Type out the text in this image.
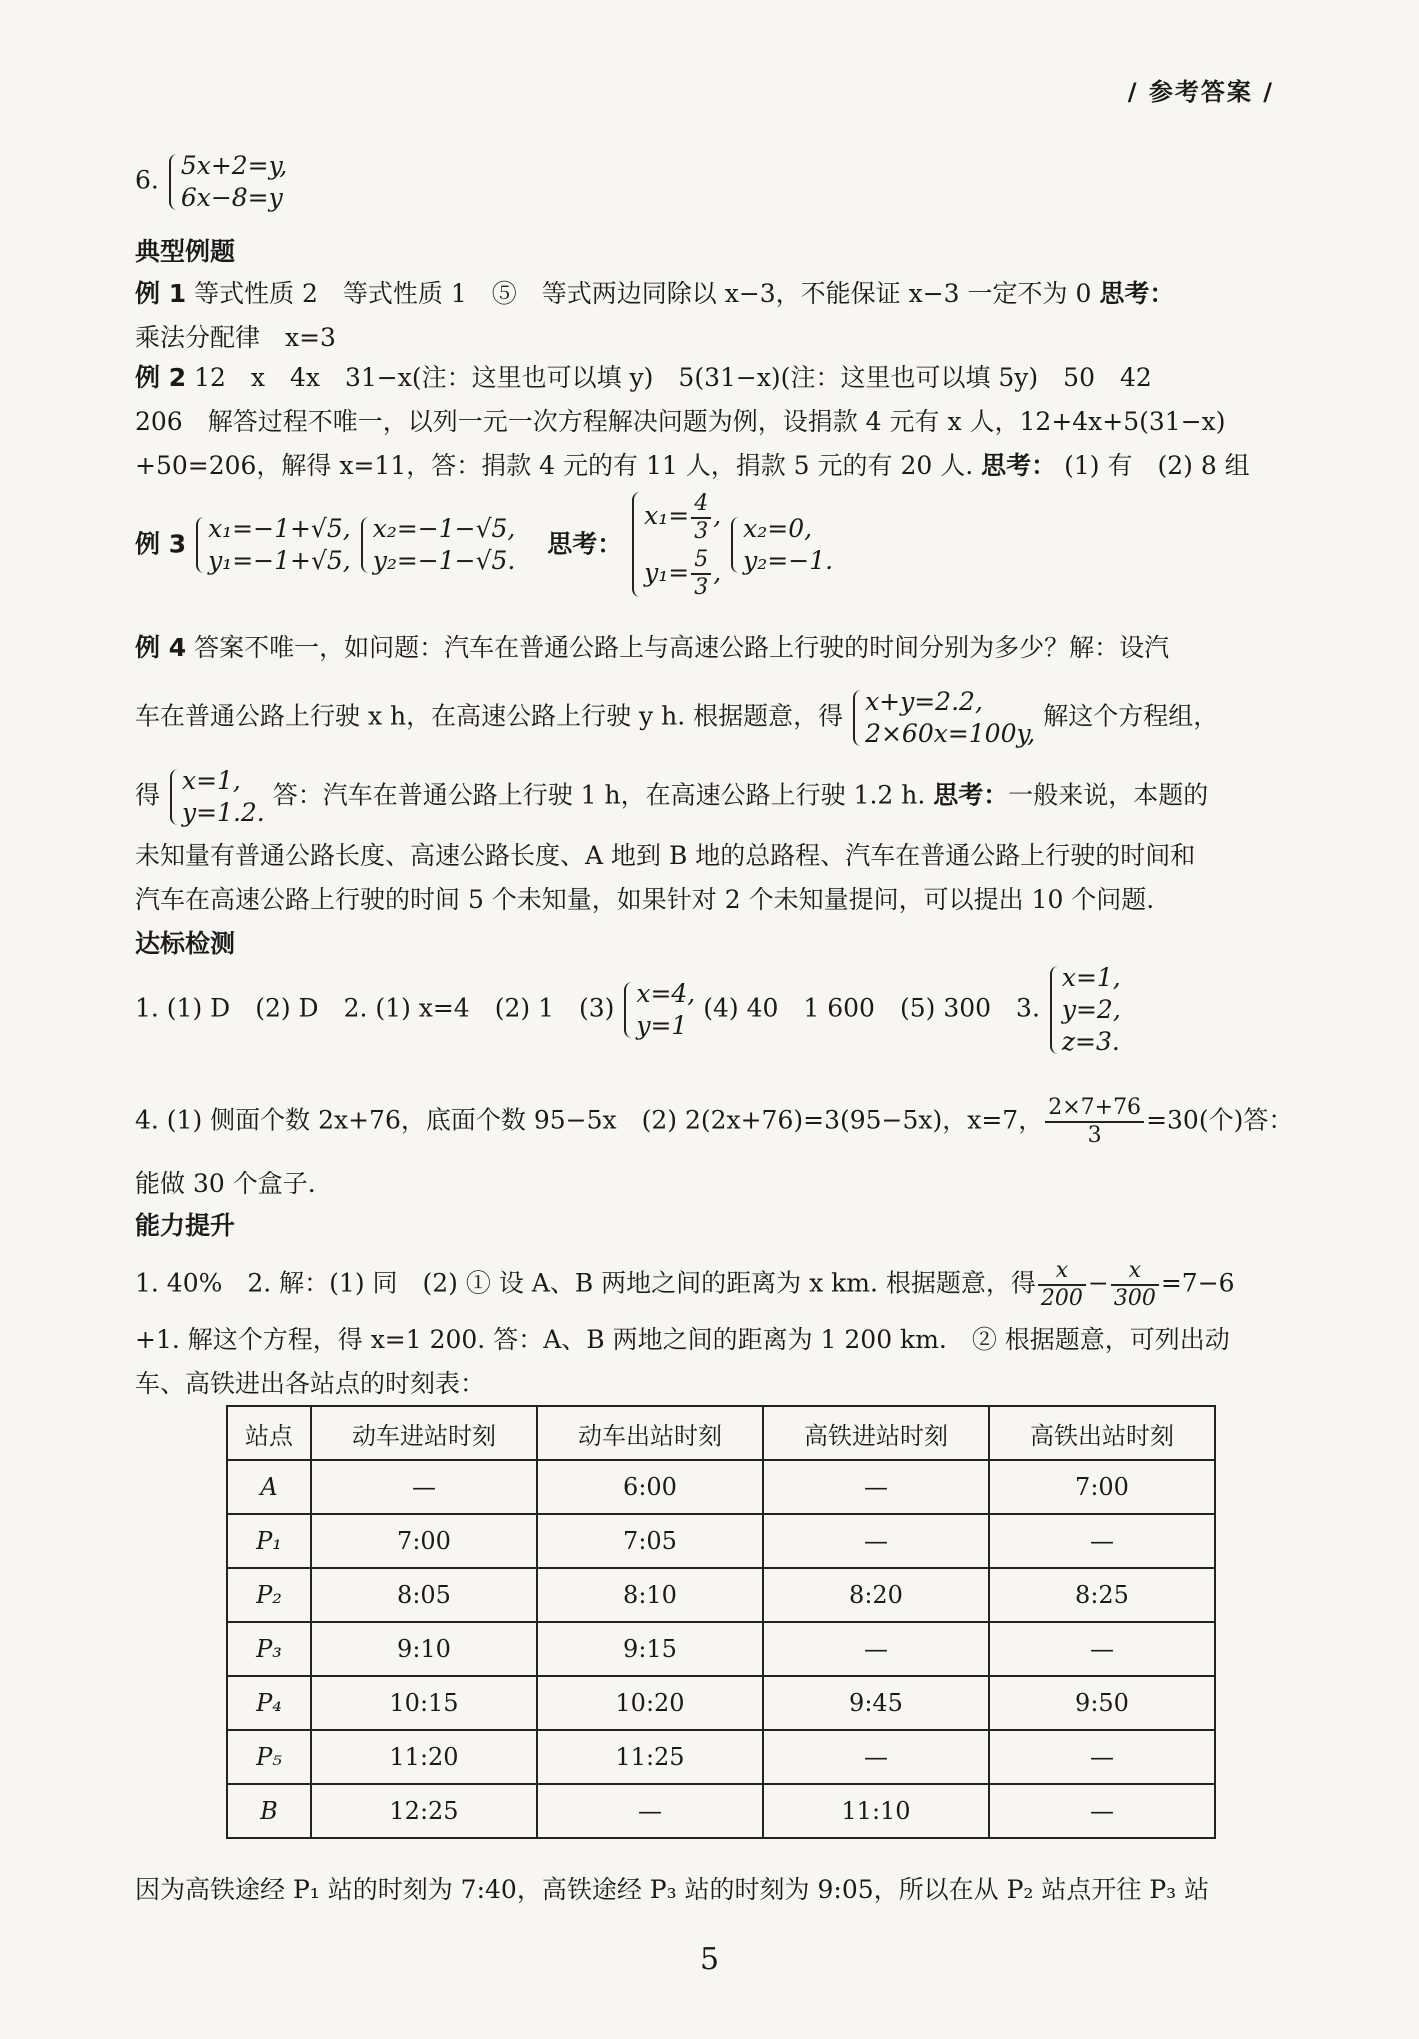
/ 参考答案 /
6. 5x+2=y,
6x−8=y
典型例题
例 1 等式性质 2　等式性质 1　⑤　等式两边同除以 x−3，不能保证 x−3 一定不为 0 思考：
乘法分配律　x=3
例 2 12　x　4x　31−x(注：这里也可以填 y)　5(31−x)(注：这里也可以填 5y)　50　42
206　解答过程不唯一，以列一元一次方程解决问题为例，设捐款 4 元有 x 人，12+4x+5(31−x)
+50=206，解得 x=11，答：捐款 4 元的有 11 人，捐款 5 元的有 20 人. 思考： (1) 有　(2) 8 组
例 3 x₁=−1+√5,
y₁=−1+√5, x₂=−1−√5,
y₂=−1−√5.    思考： $x_1= \frac{4}{3}$ ,
$y_1= \frac{5}{3}$ , x₂=0,
y₂=−1.
例 4 答案不唯一，如问题：汽车在普通公路上与高速公路上行驶的时间分别为多少？解：设汽
车在普通公路上行驶 x h，在高速公路上行驶 y h. 根据题意，得 x+y=2.2,
2×60x=100y, 解这个方程组，
得 x=1,
y=1.2. 答：汽车在普通公路上行驶 1 h，在高速公路上行驶 1.2 h. 思考：一般来说，本题的
未知量有普通公路长度、高速公路长度、A 地到 B 地的总路程、汽车在普通公路上行驶的时间和
汽车在高速公路上行驶的时间 5 个未知量，如果针对 2 个未知量提问，可以提出 10 个问题.
达标检测
1. (1) D　(2) D　2. (1) x=4　(2) 1　(3) x=4,
y=1 (4) 40　1 600　(5) 300　3. x=1,
y=2,
z=3.
4. (1) 侧面个数 2x+76，底面个数 95−5x　(2) 2(2x+76)=3(95−5x)，x=7， $\frac{2\times 7+76}{3} =30$(个)答：
能做 30 个盒子.
能力提升
1. 40%　2. 解：(1) 同　(2) ① 设 A、B 两地之间的距离为 x km. 根据题意，得 $\frac{x}{200} - \frac{x}{300} =7-6$
+1. 解这个方程，得 x=1 200. 答：A、B 两地之间的距离为 1 200 km.　② 根据题意，可列出动
车、高铁进出各站点的时刻表：
站点	动车进站时刻	动车出站时刻	高铁进站时刻	高铁出站时刻
A	—	6:00	—	7:00
P₁	7:00	7:05	—	—
P₂	8:05	8:10	8:20	8:25
P₃	9:10	9:15	—	—
P₄	10:15	10:20	9:45	9:50
P₅	11:20	11:25	—	—
B	12:25	—	11:10	—
因为高铁途经 P₁ 站的时刻为 7:40，高铁途经 P₃ 站的时刻为 9:05，所以在从 P₂ 站点开往 P₃ 站
5
